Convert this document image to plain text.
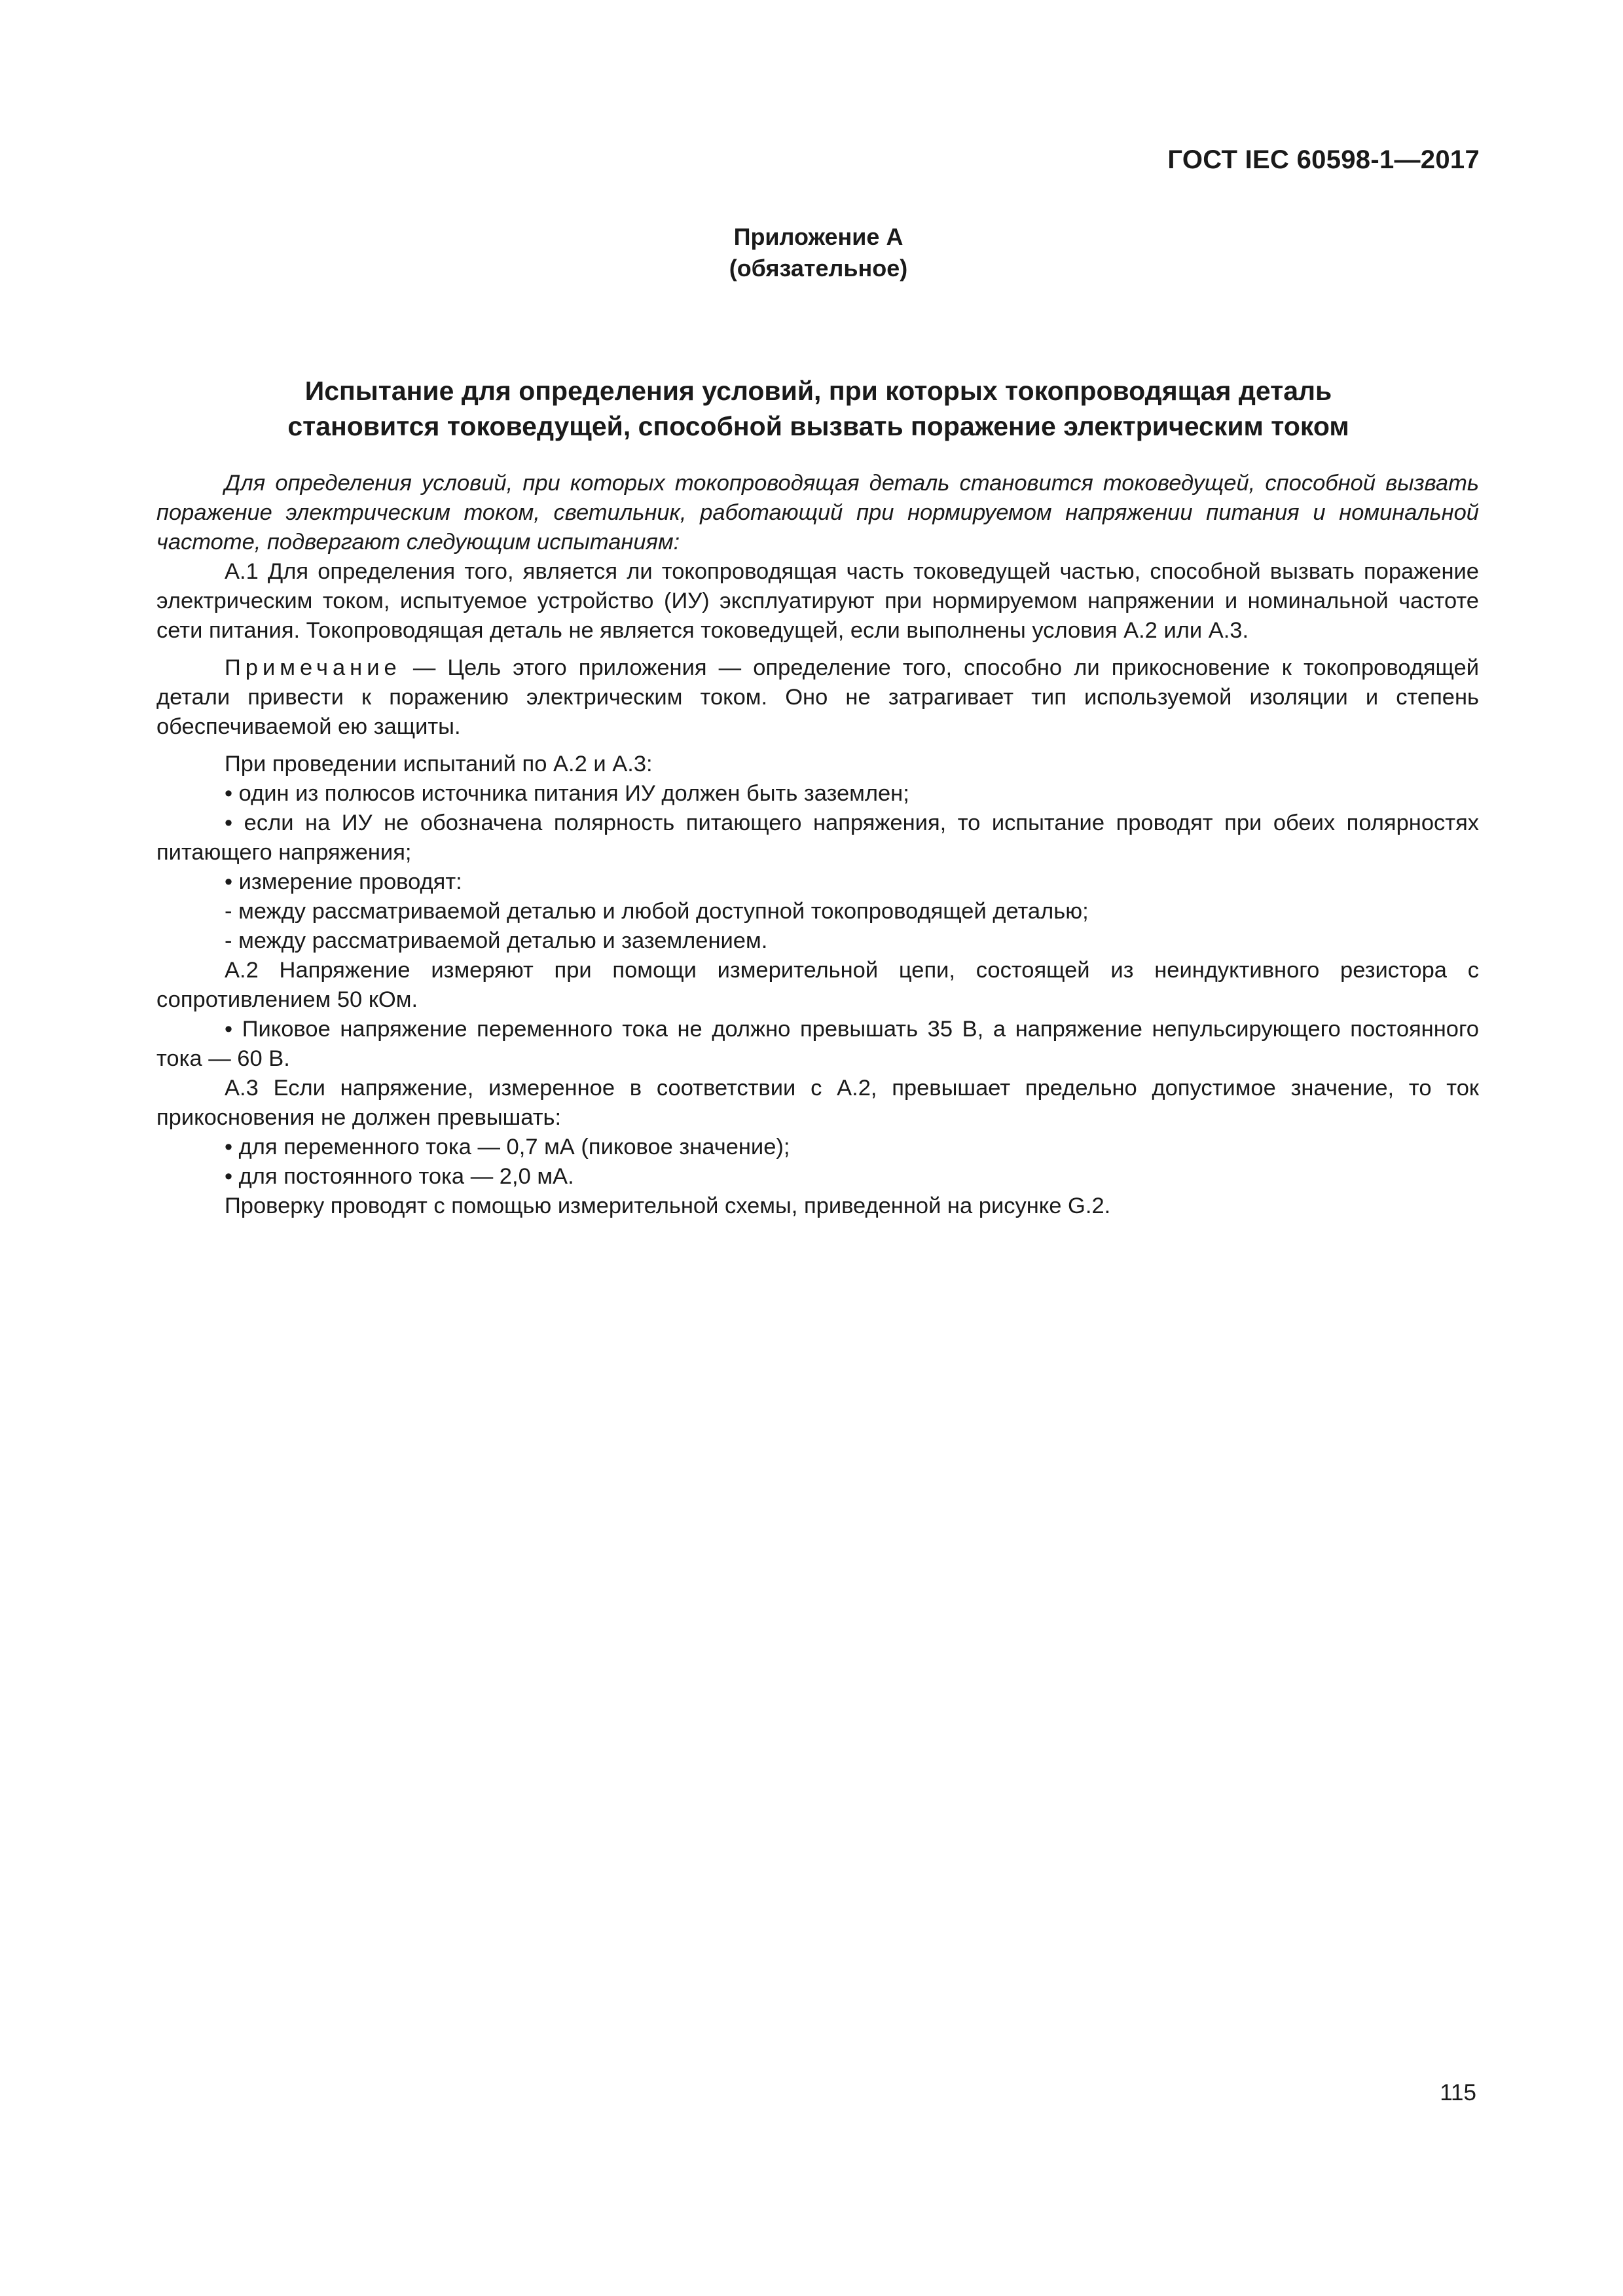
ГОСТ IEC 60598-1—2017
Приложение А
(обязательное)
Испытание для определения условий, при которых токопроводящая деталь
становится токоведущей, способной вызвать поражение электрическим током

Для определения условий, при которых токопроводящая деталь становится токоведущей, способной вызвать поражение электрическим током, светильник, работающий при нормируемом напряжении питания и номинальной частоте, подвергают следующим испытаниям:

А.1 Для определения того, является ли токопроводящая часть токоведущей частью, способной вызвать поражение электрическим током, испытуемое устройство (ИУ) эксплуатируют при нормируемом напряжении и номинальной частоте сети питания. Токопроводящая деталь не является токоведущей, если выполнены условия А.2 или А.3.

Примечание — Цель этого приложения — определение того, способно ли прикосновение к токопроводящей детали привести к поражению электрическим током. Оно не затрагивает тип используемой изоляции и степень обеспечиваемой ею защиты.

При проведении испытаний по А.2 и А.3:

• один из полюсов источника питания ИУ должен быть заземлен;

• если на ИУ не обозначена полярность питающего напряжения, то испытание проводят при обеих полярностях питающего напряжения;

• измерение проводят:

- между рассматриваемой деталью и любой доступной токопроводящей деталью;

- между рассматриваемой деталью и заземлением.

А.2 Напряжение измеряют при помощи измерительной цепи, состоящей из неиндуктивного резистора с сопротивлением 50 кОм.

• Пиковое напряжение переменного тока не должно превышать 35 В, а напряжение непульсирующего постоянного тока — 60 В.

А.3 Если напряжение, измеренное в соответствии с А.2, превышает предельно допустимое значение, то ток прикосновения не должен превышать:

• для переменного тока — 0,7 мА (пиковое значение);

• для постоянного тока — 2,0 мА.

Проверку проводят с помощью измерительной схемы, приведенной на рисунке G.2.

115
